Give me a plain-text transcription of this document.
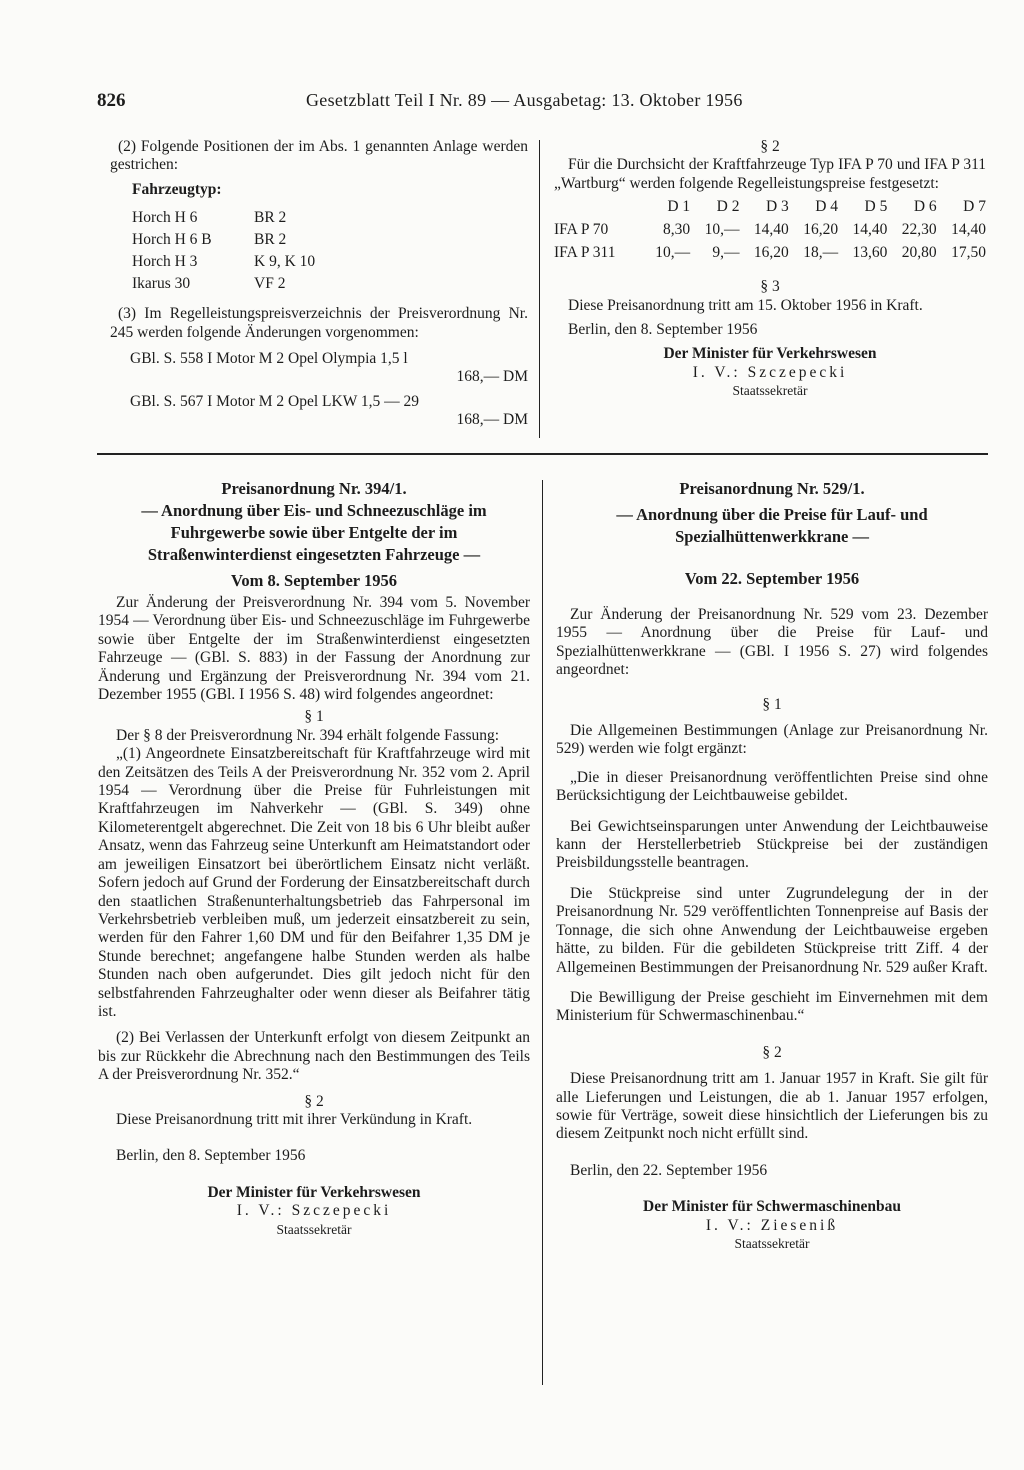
826	Gesetzblatt Teil I Nr. 89 — Ausgabetag: 13. Oktober 1956

(2) Folgende Positionen der im Abs. 1 genannten Anlage werden gestrichen:

Fahrzeugtyp:

Horch H 6	BR 2
Horch H 6 B	BR 2
Horch H 3	K 9, K 10
Ikarus 30	VF 2

(3) Im Regelleistungspreisverzeichnis der Preisverordnung Nr. 245 werden folgende Änderungen vorgenommen:

GBl. S. 558 I Motor M 2 Opel Olympia 1,5 l

168,— DM

GBl. S. 567 I Motor M 2 Opel LKW 1,5 — 29

168,— DM

§ 2

Für die Durchsicht der Kraftfahrzeuge Typ IFA P 70 und IFA P 311 „Wartburg“ werden folgende Regelleistungspreise festgesetzt:

	D 1	D 2	D 3	D 4	D 5	D 6	D 7
IFA P 70	8,30	10,—	14,40	16,20	14,40	22,30	14,40
IFA P 311	10,—	9,—	16,20	18,—	13,60	20,80	17,50

§ 3

Diese Preisanordnung tritt am 15. Oktober 1956 in Kraft.

Berlin, den 8. September 1956

Der Minister für Verkehrswesen

I. V.: Szczepecki

Staatssekretär

Preisanordnung Nr. 394/1.

— Anordnung über Eis- und Schneezuschläge im Fuhrgewerbe sowie über Entgelte der im Straßenwinterdienst eingesetzten Fahrzeuge —

Vom 8. September 1956

Zur Änderung der Preisverordnung Nr. 394 vom 5. November 1954 — Verordnung über Eis- und Schneezuschläge im Fuhrgewerbe sowie über Entgelte der im Straßenwinterdienst eingesetzten Fahrzeuge — (GBl. S. 883) in der Fassung der Anordnung zur Änderung und Ergänzung der Preisverordnung Nr. 394 vom 21. Dezember 1955 (GBl. I 1956 S. 48) wird folgendes angeordnet:

§ 1

Der § 8 der Preisverordnung Nr. 394 erhält folgende Fassung:

„(1) Angeordnete Einsatzbereitschaft für Kraftfahrzeuge wird mit den Zeitsätzen des Teils A der Preisverordnung Nr. 352 vom 2. April 1954 — Verordnung über die Preise für Fuhrleistungen mit Kraftfahrzeugen im Nahverkehr — (GBl. S. 349) ohne Kilometerentgelt abgerechnet. Die Zeit von 18 bis 6 Uhr bleibt außer Ansatz, wenn das Fahrzeug seine Unterkunft am Heimatstandort oder am jeweiligen Einsatzort bei überörtlichem Einsatz nicht verläßt. Sofern jedoch auf Grund der Forderung der Einsatzbereitschaft durch den staatlichen Straßenunterhaltungsbetrieb das Fahrpersonal im Verkehrsbetrieb verbleiben muß, um jederzeit einsatzbereit zu sein, werden für den Fahrer 1,60 DM und für den Beifahrer 1,35 DM je Stunde berechnet; angefangene halbe Stunden werden als halbe Stunden nach oben aufgerundet. Dies gilt jedoch nicht für den selbstfahrenden Fahrzeughalter oder wenn dieser als Beifahrer tätig ist.

(2) Bei Verlassen der Unterkunft erfolgt von diesem Zeitpunkt an bis zur Rückkehr die Abrechnung nach den Bestimmungen des Teils A der Preisverordnung Nr. 352.“

§ 2

Diese Preisanordnung tritt mit ihrer Verkündung in Kraft.

Berlin, den 8. September 1956

Der Minister für Verkehrswesen

I. V.: Szczepecki

Staatssekretär

Preisanordnung Nr. 529/1.

— Anordnung über die Preise für Lauf- und Spezialhüttenwerkkrane —

Vom 22. September 1956

Zur Änderung der Preisanordnung Nr. 529 vom 23. Dezember 1955 — Anordnung über die Preise für Lauf- und Spezialhüttenwerkkrane — (GBl. I 1956 S. 27) wird folgendes angeordnet:

§ 1

Die Allgemeinen Bestimmungen (Anlage zur Preisanordnung Nr. 529) werden wie folgt ergänzt:

„Die in dieser Preisanordnung veröffentlichten Preise sind ohne Berücksichtigung der Leichtbauweise gebildet.

Bei Gewichtseinsparungen unter Anwendung der Leichtbauweise kann der Herstellerbetrieb Stückpreise bei der zuständigen Preisbildungsstelle beantragen.

Die Stückpreise sind unter Zugrundelegung der in der Preisanordnung Nr. 529 veröffentlichten Tonnenpreise auf Basis der Tonnage, die sich ohne Anwendung der Leichtbauweise ergeben hätte, zu bilden. Für die gebildeten Stückpreise tritt Ziff. 4 der Allgemeinen Bestimmungen der Preisanordnung Nr. 529 außer Kraft.

Die Bewilligung der Preise geschieht im Einvernehmen mit dem Ministerium für Schwermaschinenbau.“

§ 2

Diese Preisanordnung tritt am 1. Januar 1957 in Kraft. Sie gilt für alle Lieferungen und Leistungen, die ab 1. Januar 1957 erfolgen, sowie für Verträge, soweit diese hinsichtlich der Lieferungen bis zu diesem Zeitpunkt noch nicht erfüllt sind.

Berlin, den 22. September 1956

Der Minister für Schwermaschinenbau

I. V.: Ziesenіß

Staatssekretär
